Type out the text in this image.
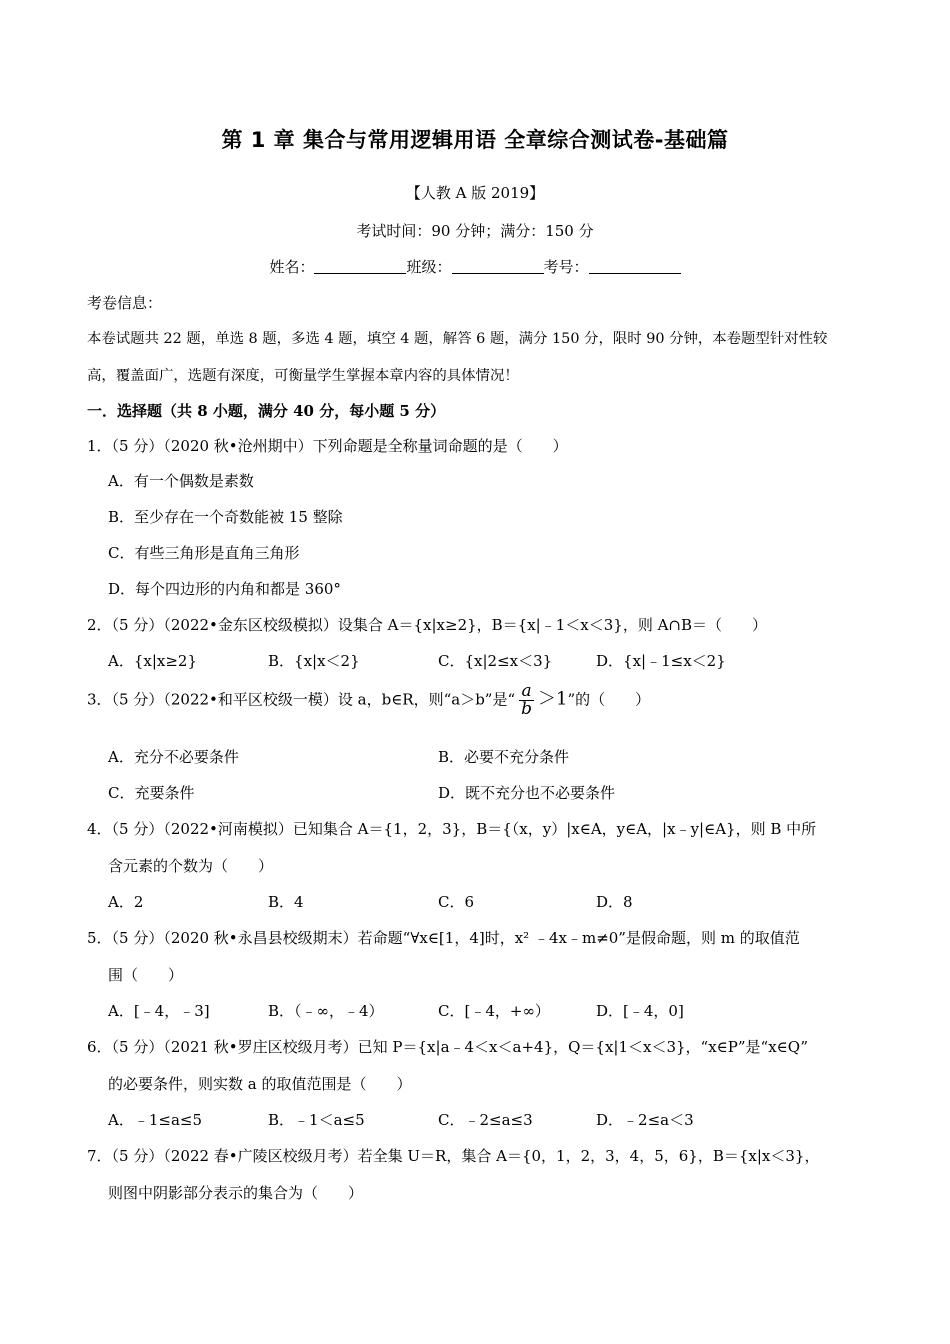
第 1 章 集合与常用逻辑用语 全章综合测试卷-基础篇
【人教 A 版 2019】
考试时间：90 分钟；满分：150 分
姓名：	班级：	考号：
考卷信息：
本卷试题共 22 题，单选 8 题，多选 4 题，填空 4 题，解答 6 题，满分 150 分，限时 90 分钟，本卷题型针对性较
高，覆盖面广，选题有深度，可衡量学生掌握本章内容的具体情况！
一．选择题（共 8 小题，满分 40 分，每小题 5 分）
1．（5 分）（2020 秋•沧州期中）下列命题是全称量词命题的是（　　）
A．有一个偶数是素数
B．至少存在一个奇数能被 15 整除
C．有些三角形是直角三角形
D．每个四边形的内角和都是 360°
2．（5 分）（2022•金东区校级模拟）设集合 A＝{x|x≥2}，B＝{x|﹣1＜x＜3}，则 A∩B＝（　　）
A．{x|x≥2}	B．{x|x＜2}	C．{x|2≤x＜3}	D．{x|﹣1≤x＜2}
3．（5 分）（2022•和平区校级一模）设 a，b∈R，则“a＞b”是“ $\frac{a}{b} >1$”的（　　）
A．充分不必要条件	B．必要不充分条件
C．充要条件	D．既不充分也不必要条件
4．（5 分）（2022•河南模拟）已知集合 A＝{1，2，3}，B＝{（x，y）|x∈A，y∈A，|x﹣y|∈A}，则 B 中所
含元素的个数为（　　）
A．2	B．4	C．6	D．8
5．（5 分）（2020 秋•永昌县校级期末）若命题“∀x∈[1，4]时，x² ﹣4x﹣m≠0”是假命题，则 m 的取值范
围（　　）
A．[﹣4，﹣3]	B．（﹣∞，﹣4）	C．[﹣4，+∞）	D．[﹣4，0]
6．（5 分）（2021 秋•罗庄区校级月考）已知 P＝{x|a﹣4＜x＜a+4}，Q＝{x|1＜x＜3}，“x∈P”是“x∈Q”
的必要条件，则实数 a 的取值范围是（　　）
A．﹣1≤a≤5	B．﹣1＜a≤5	C．﹣2≤a≤3	D．﹣2≤a＜3
7．（5 分）（2022 春•广陵区校级月考）若全集 U＝R，集合 A＝{0，1，2，3，4，5，6}，B＝{x|x＜3}，
则图中阴影部分表示的集合为（　　）
